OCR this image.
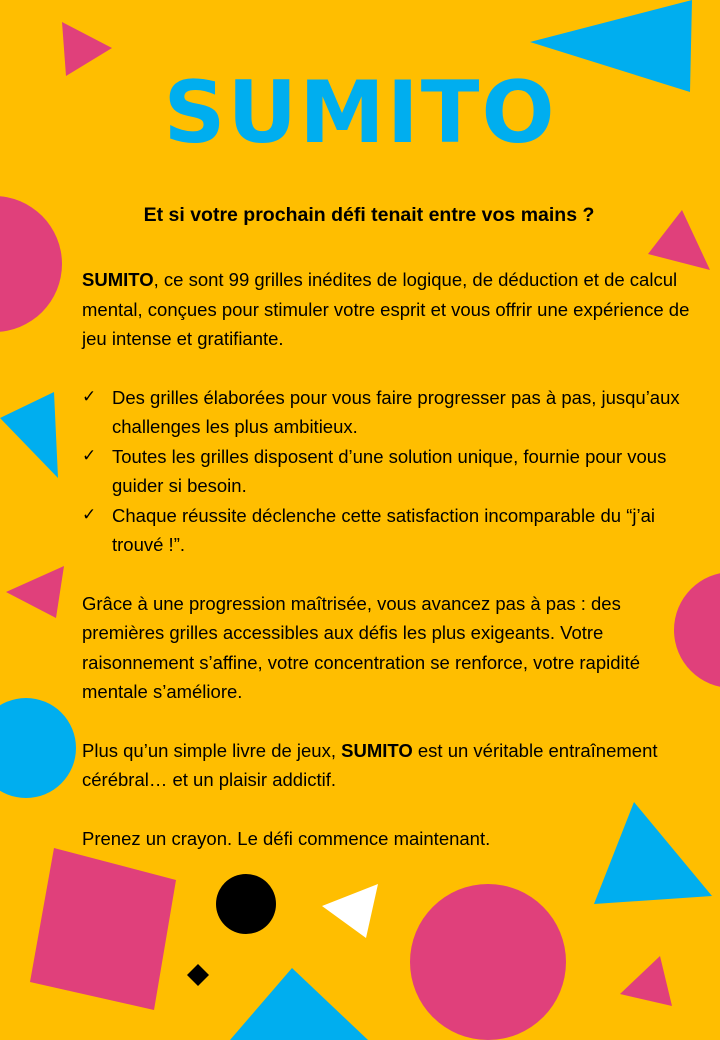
SUMITO

Et si votre prochain défi tenait entre vos mains ?

SUMITO, ce sont 99 grilles inédites de logique, de déduction et de calcul mental, conçues pour stimuler votre esprit et vous offrir une expérience de jeu intense et gratifiante.

✓ Des grilles élaborées pour vous faire progresser pas à pas, jusqu’aux challenges les plus ambitieux.
✓ Toutes les grilles disposent d’une solution unique, fournie pour vous guider si besoin.
✓ Chaque réussite déclenche cette satisfaction incomparable du “j’ai trouvé !”.

Grâce à une progression maîtrisée, vous avancez pas à pas : des premières grilles accessibles aux défis les plus exigeants. Votre raisonnement s’affine, votre concentration se renforce, votre rapidité mentale s’améliore.

Plus qu’un simple livre de jeux, SUMITO est un véritable entraînement cérébral… et un plaisir addictif.

Prenez un crayon. Le défi commence maintenant.
